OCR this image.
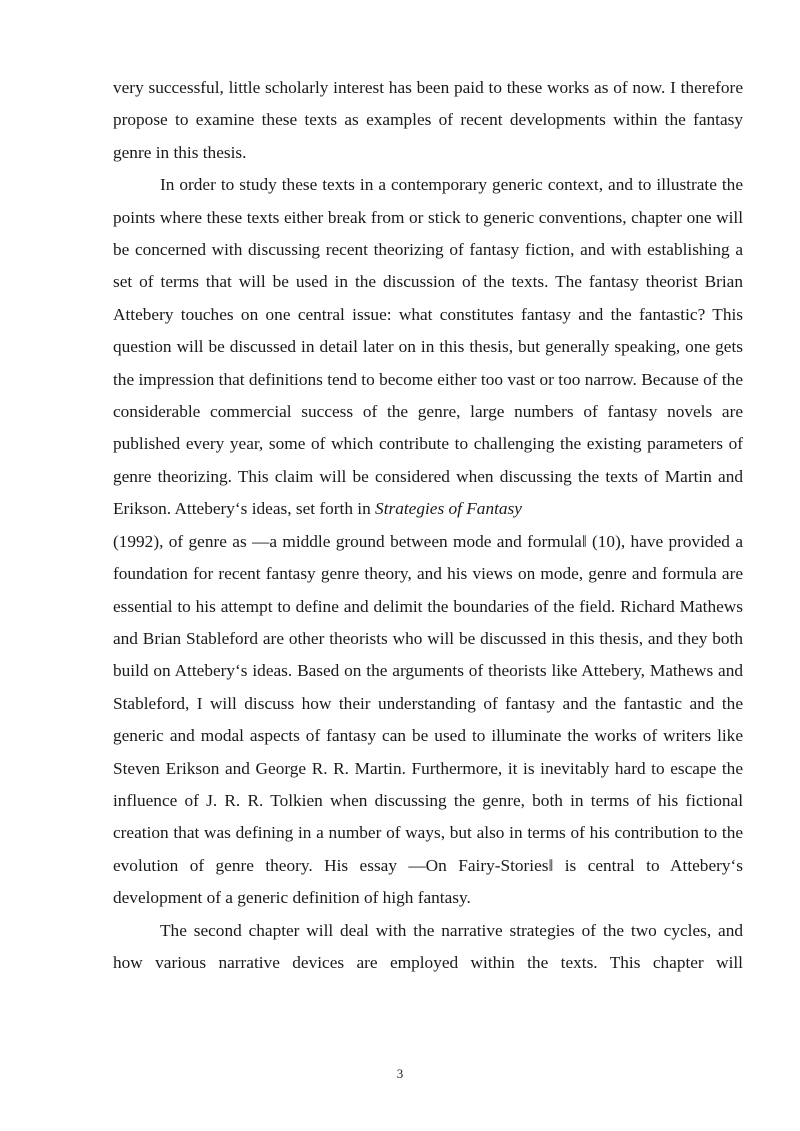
very successful, little scholarly interest has been paid to these works as of now. I therefore propose to examine these texts as examples of recent developments within the fantasy genre in this thesis.

In order to study these texts in a contemporary generic context, and to illustrate the points where these texts either break from or stick to generic conventions, chapter one will be concerned with discussing recent theorizing of fantasy fiction, and with establishing a set of terms that will be used in the discussion of the texts. The fantasy theorist Brian Attebery touches on one central issue: what constitutes fantasy and the fantastic? This question will be discussed in detail later on in this thesis, but generally speaking, one gets the impression that definitions tend to become either too vast or too narrow. Because of the considerable commercial success of the genre, large numbers of fantasy novels are published every year, some of which contribute to challenging the existing parameters of genre theorizing. This claim will be considered when discussing the texts of Martin and Erikson. Attebery‘s ideas, set forth in Strategies of Fantasy

(1992), of genre as ―a middle ground between mode and formula‖ (10), have provided a foundation for recent fantasy genre theory, and his views on mode, genre and formula are essential to his attempt to define and delimit the boundaries of the field. Richard Mathews and Brian Stableford are other theorists who will be discussed in this thesis, and they both build on Attebery‘s ideas. Based on the arguments of theorists like Attebery, Mathews and Stableford, I will discuss how their understanding of fantasy and the fantastic and the generic and modal aspects of fantasy can be used to illuminate the works of writers like Steven Erikson and George R. R. Martin. Furthermore, it is inevitably hard to escape the influence of J. R. R. Tolkien when discussing the genre, both in terms of his fictional creation that was defining in a number of ways, but also in terms of his contribution to the evolution of genre theory. His essay ―On Fairy-Stories‖ is central to Attebery‘s development of a generic definition of high fantasy.

The second chapter will deal with the narrative strategies of the two cycles, and how various narrative devices are employed within the texts. This chapter will

3
